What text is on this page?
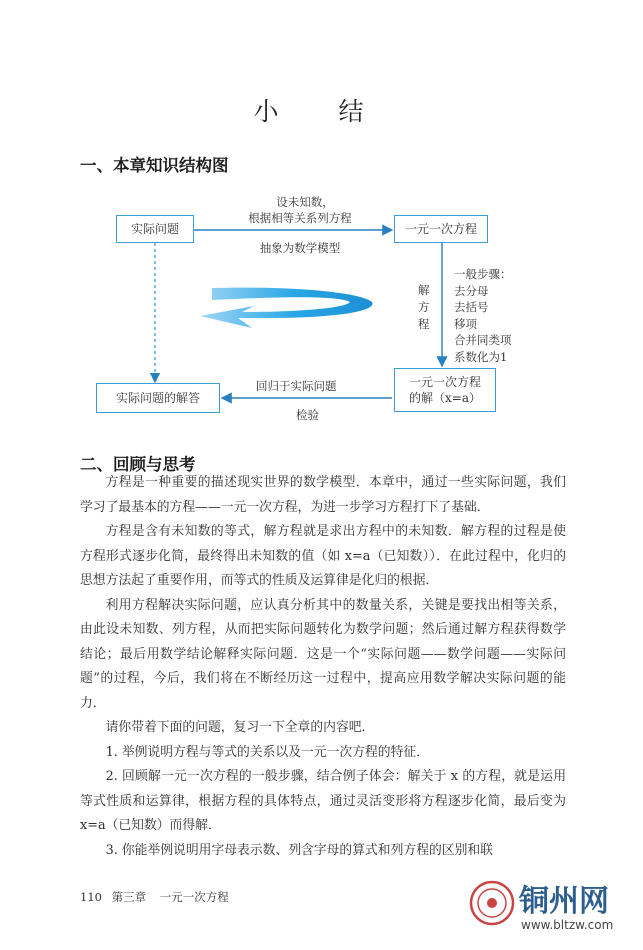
小 结
一、本章知识结构图
实际问题	一元一次方程
实际问题的解答
一元一次方程
的解（x=a）
设未知数，
根据相等关系列方程
抽象为数学模型
解
方
程
一般步骤：
去分母
去括号
移项
合并同类项
系数化为1
回归于实际问题
检验
二、回顾与思考

方程是一种重要的描述现实世界的数学模型．本章中，通过一些实际问题，我们学习了最基本的方程——一元一次方程，为进一步学习方程打下了基础．

方程是含有未知数的等式，解方程就是求出方程中的未知数．解方程的过程是使方程形式逐步化简，最终得出未知数的值（如 x=a（已知数））．在此过程中，化归的思想方法起了重要作用，而等式的性质及运算律是化归的根据．

利用方程解决实际问题，应认真分析其中的数量关系，关键是要找出相等关系，由此设未知数、列方程，从而把实际问题转化为数学问题；然后通过解方程获得数学结论；最后用数学结论解释实际问题．这是一个“实际问题——数学问题——实际问题”的过程，今后，我们将在不断经历这一过程中，提高应用数学解决实际问题的能力．

请你带着下面的问题，复习一下全章的内容吧．

1. 举例说明方程与等式的关系以及一元一次方程的特征．

2. 回顾解一元一次方程的一般步骤，结合例子体会：解关于 x 的方程，就是运用等式性质和运算律，根据方程的具体特点，通过灵活变形将方程逐步化简，最后变为 x=a（已知数）而得解．

3. 你能举例说明用字母表示数、列含字母的算式和列方程的区别和联

110 第三章 一元一次方程	铜州网
www.bltzw.com
